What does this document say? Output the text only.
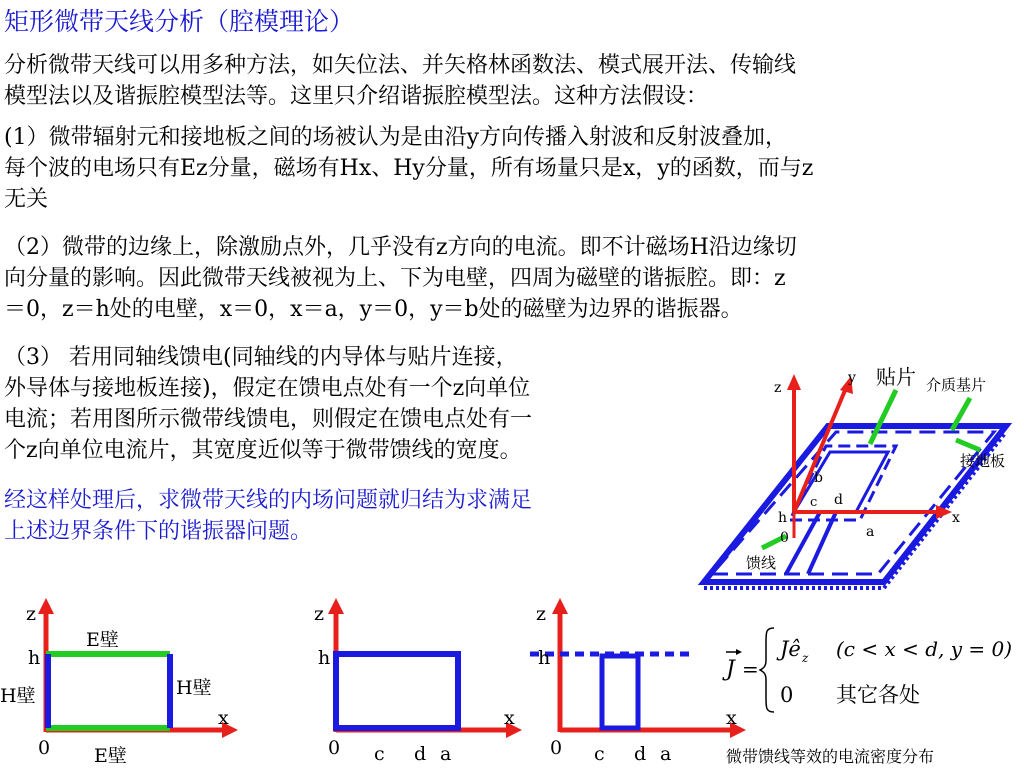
矩形微带天线分析（腔模理论）
分析微带天线可以用多种方法，如矢位法、并矢格林函数法、模式展开法、传输线
模型法以及谐振腔模型法等。这里只介绍谐振腔模型法。这种方法假设：
(1）微带辐射元和接地板之间的场被认为是由沿y方向传播入射波和反射波叠加，
每个波的电场只有Ez分量，磁场有Hx、Hy分量，所有场量只是x，y的函数，而与z
无关
（2）微带的边缘上，除激励点外，几乎没有z方向的电流。即不计磁场H沿边缘切
向分量的影响。因此微带天线被视为上、下为电壁，四周为磁壁的谐振腔。即：z
＝0，z＝h处的电壁，x＝0，x＝a，y＝0，y＝b处的磁壁为边界的谐振器。
（3） 若用同轴线馈电(同轴线的内导体与贴片连接，
外导体与接地板连接)，假定在馈电点处有一个z向单位
电流；若用图所示微带线馈电，则假定在馈电点处有一
个z向单位电流片，其宽度近似等于微带馈线的宽度。
经这样处理后，求微带天线的内场问题就归结为求满足
上述边界条件下的谐振器问题。
z
y
x
h
0
b
c d
a
贴片 介质基片
接地板
馈线
z
h
x
0
E壁
E壁
H壁	H壁
z
h
x
0 c d a
z
h
x
0 c d a
J =
Jê z (c < x < d, y = 0)
0 其它各处
微带馈线等效的电流密度分布
